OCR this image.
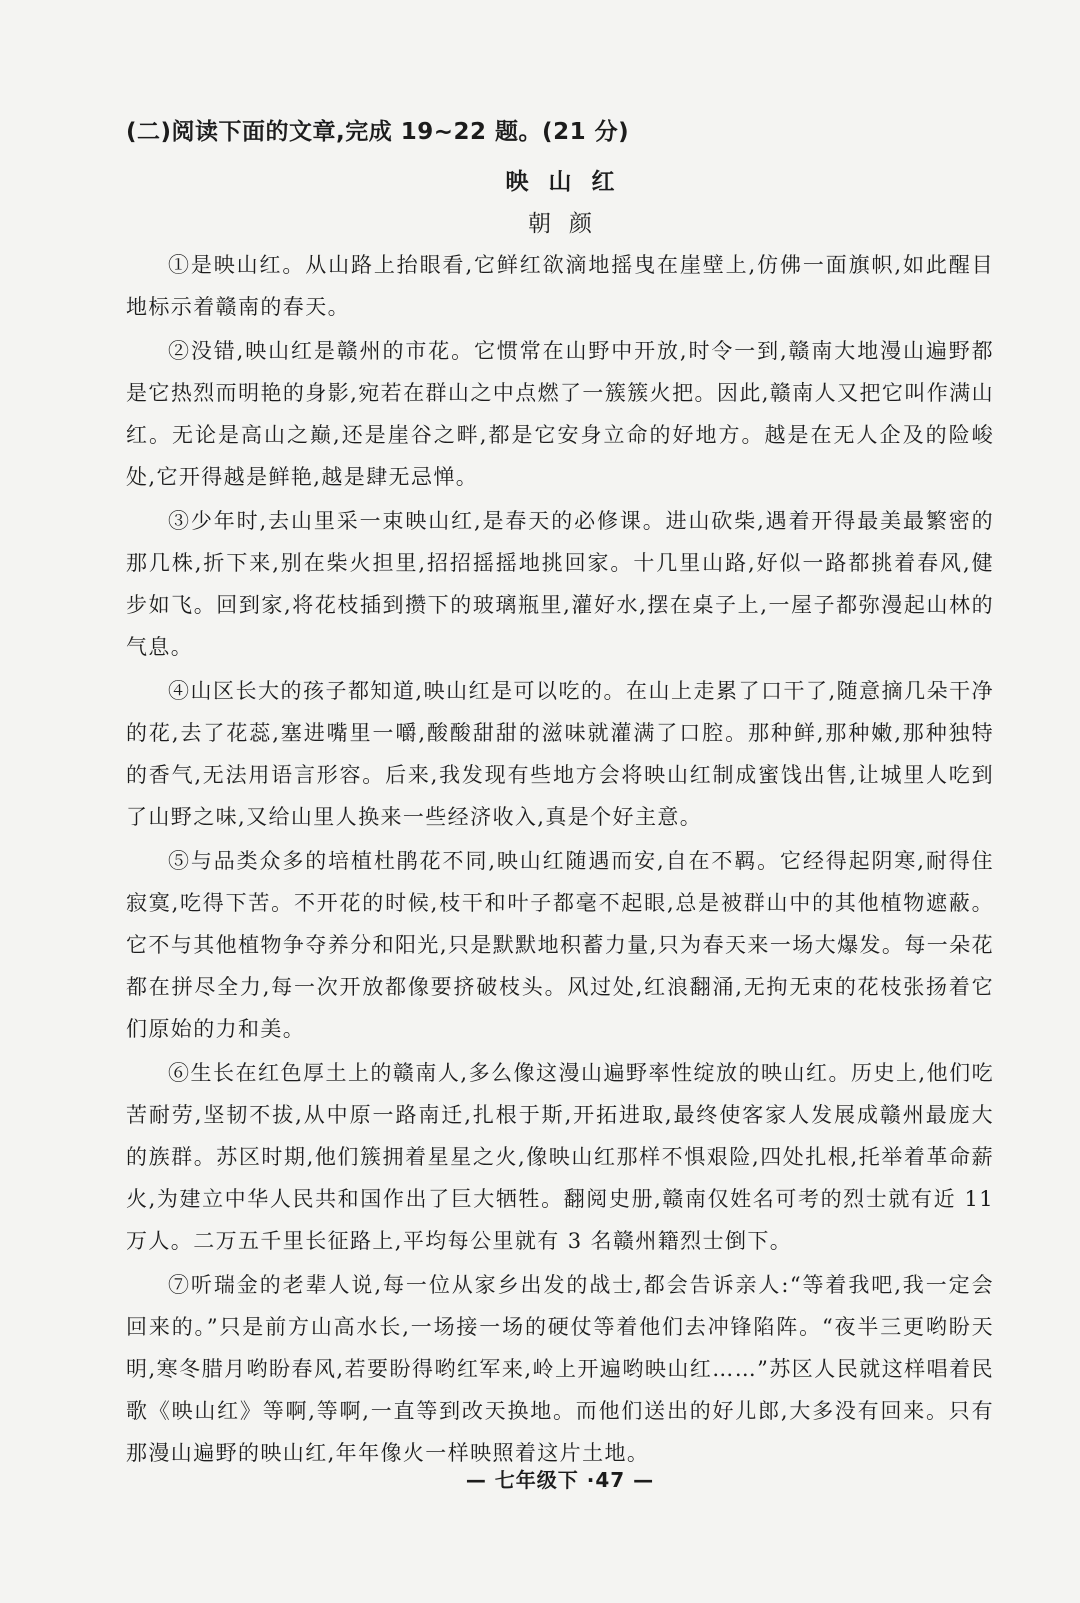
(二)阅读下面的文章,完成 19~22 题。(21 分)
映山红
朝颜

①是映山红。从山路上抬眼看,它鲜红欲滴地摇曳在崖壁上,仿佛一面旗帜,如此醒目地标示着赣南的春天。

②没错,映山红是赣州的市花。它惯常在山野中开放,时令一到,赣南大地漫山遍野都是它热烈而明艳的身影,宛若在群山之中点燃了一簇簇火把。因此,赣南人又把它叫作满山红。无论是高山之巅,还是崖谷之畔,都是它安身立命的好地方。越是在无人企及的险峻处,它开得越是鲜艳,越是肆无忌惮。

③少年时,去山里采一束映山红,是春天的必修课。进山砍柴,遇着开得最美最繁密的那几株,折下来,别在柴火担里,招招摇摇地挑回家。十几里山路,好似一路都挑着春风,健步如飞。回到家,将花枝插到攒下的玻璃瓶里,灌好水,摆在桌子上,一屋子都弥漫起山林的气息。

④山区长大的孩子都知道,映山红是可以吃的。在山上走累了口干了,随意摘几朵干净的花,去了花蕊,塞进嘴里一嚼,酸酸甜甜的滋味就灌满了口腔。那种鲜,那种嫩,那种独特的香气,无法用语言形容。后来,我发现有些地方会将映山红制成蜜饯出售,让城里人吃到了山野之味,又给山里人换来一些经济收入,真是个好主意。

⑤与品类众多的培植杜鹃花不同,映山红随遇而安,自在不羁。它经得起阴寒,耐得住寂寞,吃得下苦。不开花的时候,枝干和叶子都毫不起眼,总是被群山中的其他植物遮蔽。它不与其他植物争夺养分和阳光,只是默默地积蓄力量,只为春天来一场大爆发。每一朵花都在拼尽全力,每一次开放都像要挤破枝头。风过处,红浪翻涌,无拘无束的花枝张扬着它们原始的力和美。

⑥生长在红色厚土上的赣南人,多么像这漫山遍野率性绽放的映山红。历史上,他们吃苦耐劳,坚韧不拔,从中原一路南迁,扎根于斯,开拓进取,最终使客家人发展成赣州最庞大的族群。苏区时期,他们簇拥着星星之火,像映山红那样不惧艰险,四处扎根,托举着革命薪火,为建立中华人民共和国作出了巨大牺牲。翻阅史册,赣南仅姓名可考的烈士就有近 11 万人。二万五千里长征路上,平均每公里就有 3 名赣州籍烈士倒下。

⑦听瑞金的老辈人说,每一位从家乡出发的战士,都会告诉亲人:“等着我吧,我一定会回来的。”只是前方山高水长,一场接一场的硬仗等着他们去冲锋陷阵。“夜半三更哟盼天明,寒冬腊月哟盼春风,若要盼得哟红军来,岭上开遍哟映山红……”苏区人民就这样唱着民歌《映山红》等啊,等啊,一直等到改天换地。而他们送出的好儿郎,大多没有回来。只有那漫山遍野的映山红,年年像火一样映照着这片土地。

— 七年级下 ·47 —
